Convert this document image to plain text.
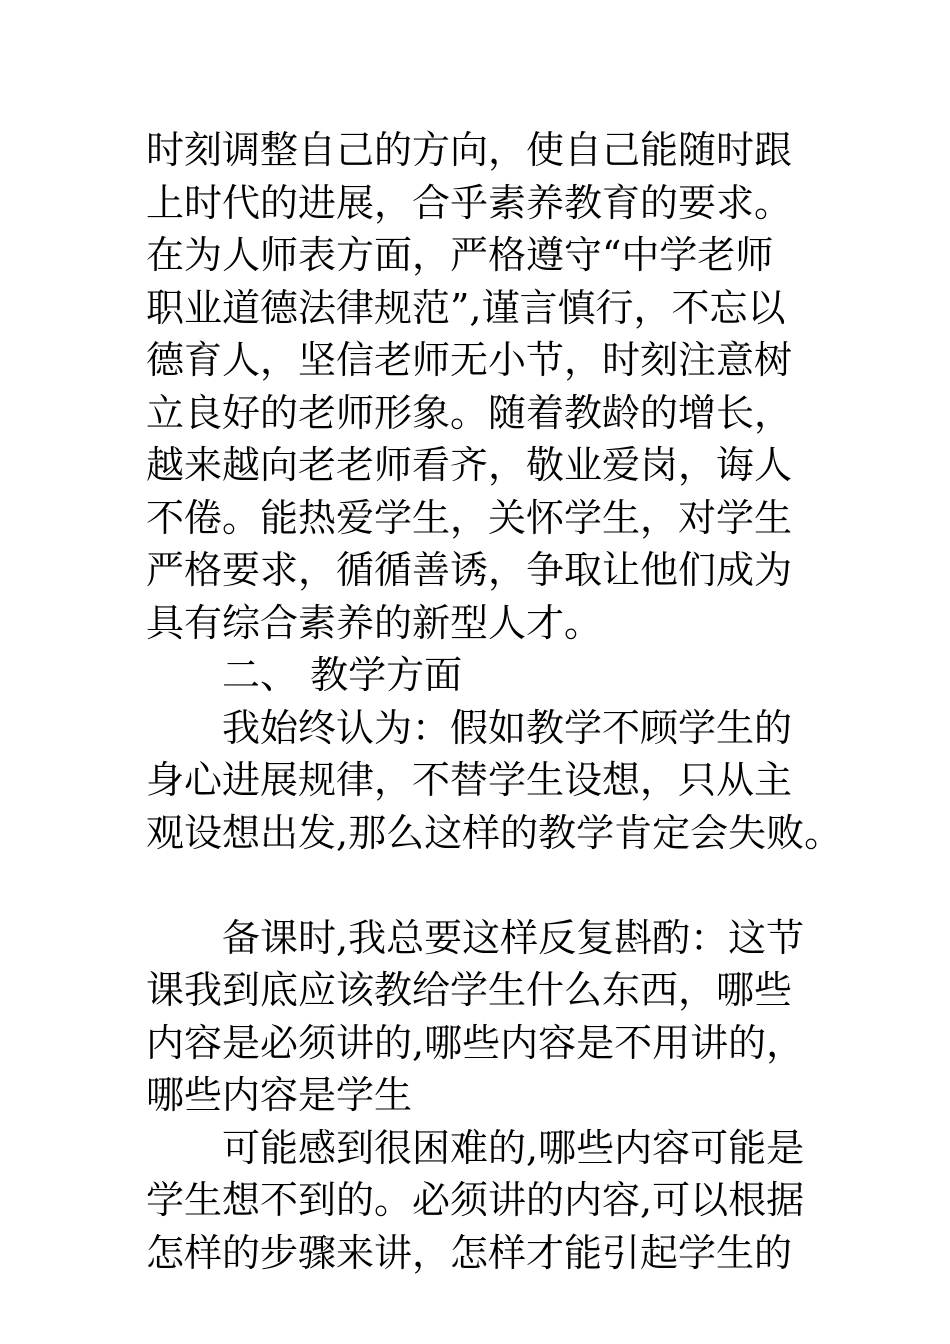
时刻调整自己的方向，使自己能随时跟
上时代的进展，合乎素养教育的要求。
在为人师表方面，严格遵守“中学老师
职业道德法律规范”,谨言慎行，不忘以
德育人，坚信老师无小节，时刻注意树
立良好的老师形象。随着教龄的增长，
越来越向老老师看齐，敬业爱岗，诲人
不倦。能热爱学生，关怀学生，对学生
严格要求，循循善诱，争取让他们成为
具有综合素养的新型人才。
二、 教学方面
我始终认为：假如教学不顾学生的
身心进展规律，不替学生设想，只从主
观设想出发,那么这样的教学肯定会失败。
备课时,我总要这样反复斟酌：这节
课我到底应该教给学生什么东西，哪些
内容是必须讲的,哪些内容是不用讲的，
哪些内容是学生
可能感到很困难的,哪些内容可能是
学生想不到的。必须讲的内容,可以根据
怎样的步骤来讲，怎样才能引起学生的
